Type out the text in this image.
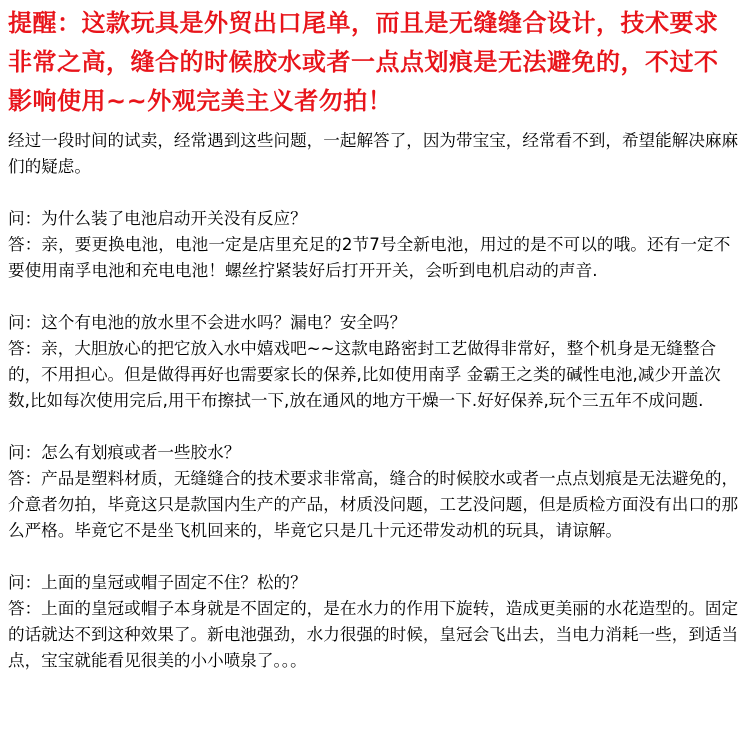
提醒：这款玩具是外贸出口尾单，而且是无缝缝合设计，技术要求非常之高，缝合的时候胶水或者一点点划痕是无法避免的，不过不影响使用~~外观完美主义者勿拍！

经过一段时间的试卖，经常遇到这些问题，一起解答了，因为带宝宝，经常看不到，希望能解决麻麻们的疑虑。

问：为什么装了电池启动开关没有反应？

答：亲，要更换电池，电池一定是店里充足的2节7号全新电池，用过的是不可以的哦。还有一定不要使用南孚电池和充电电池！螺丝拧紧装好后打开开关，会听到电机启动的声音.

问：这个有电池的放水里不会进水吗？漏电？安全吗？

答：亲，大胆放心的把它放入水中嬉戏吧~~这款电路密封工艺做得非常好，整个机身是无缝整合的，不用担心。但是做得再好也需要家长的保养,比如使用南孚 金霸王之类的碱性电池,减少开盖次数,比如每次使用完后,用干布擦拭一下,放在通风的地方干燥一下.好好保养,玩个三五年不成问题.

问：怎么有划痕或者一些胶水？

答：产品是塑料材质，无缝缝合的技术要求非常高，缝合的时候胶水或者一点点划痕是无法避免的，介意者勿拍，毕竟这只是款国内生产的产品，材质没问题，工艺没问题，但是质检方面没有出口的那么严格。毕竟它不是坐飞机回来的，毕竟它只是几十元还带发动机的玩具，请谅解。

问：上面的皇冠或帽子固定不住？松的？

答：上面的皇冠或帽子本身就是不固定的，是在水力的作用下旋转，造成更美丽的水花造型的。固定的话就达不到这种效果了。新电池强劲，水力很强的时候，皇冠会飞出去，当电力消耗一些，到适当点，宝宝就能看见很美的小小喷泉了。。。
